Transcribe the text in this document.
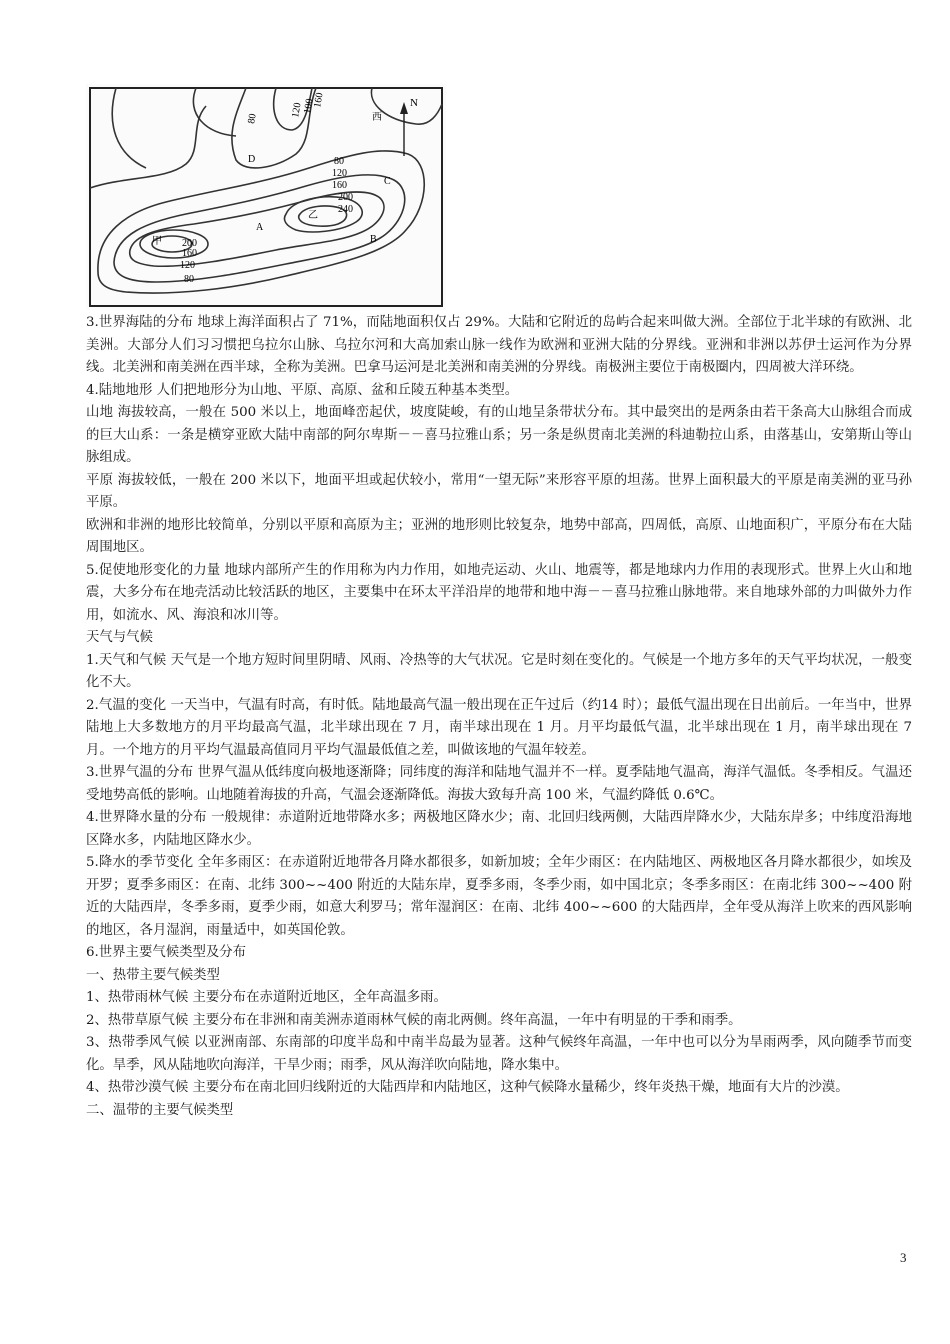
N
西
80
120
160
200
240
80
120
160
200
80
120
160
100
A
B
C
D
甲
乙

3.世界海陆的分布 地球上海洋面积占了 71%，而陆地面积仅占 29%。大陆和它附近的岛屿合起来叫做大洲。全部位于北半球的有欧洲、北美洲。大部分人们习习惯把乌拉尔山脉、乌拉尔河和大高加索山脉一线作为欧洲和亚洲大陆的分界线。亚洲和非洲以苏伊士运河作为分界线。北美洲和南美洲在西半球，全称为美洲。巴拿马运河是北美洲和南美洲的分界线。南极洲主要位于南极圈内，四周被大洋环绕。

4.陆地地形 人们把地形分为山地、平原、高原、盆和丘陵五种基本类型。

山地 海拔较高，一般在 500 米以上，地面峰峦起伏，坡度陡峻，有的山地呈条带状分布。其中最突出的是两条由若干条高大山脉组合而成的巨大山系：一条是横穿亚欧大陆中南部的阿尔卑斯－－喜马拉雅山系；另一条是纵贯南北美洲的科迪勒拉山系，由落基山，安第斯山等山脉组成。

平原 海拔较低，一般在 200 米以下，地面平坦或起伏较小，常用“一望无际”来形容平原的坦荡。世界上面积最大的平原是南美洲的亚马孙平原。

欧洲和非洲的地形比较简单，分别以平原和高原为主；亚洲的地形则比较复杂，地势中部高，四周低，高原、山地面积广，平原分布在大陆周围地区。

5.促使地形变化的力量 地球内部所产生的作用称为内力作用，如地壳运动、火山、地震等，都是地球内力作用的表现形式。世界上火山和地震，大多分布在地壳活动比较活跃的地区，主要集中在环太平洋沿岸的地带和地中海－－喜马拉雅山脉地带。来自地球外部的力叫做外力作用，如流水、风、海浪和冰川等。

天气与气候

1.天气和气候 天气是一个地方短时间里阴晴、风雨、冷热等的大气状况。它是时刻在变化的。气候是一个地方多年的天气平均状况，一般变化不大。

2.气温的变化 一天当中，气温有时高，有时低。陆地最高气温一般出现在正午过后（约14 时）；最低气温出现在日出前后。一年当中，世界陆地上大多数地方的月平均最高气温，北半球出现在 7 月，南半球出现在 1 月。月平均最低气温，北半球出现在 1 月，南半球出现在 7 月。一个地方的月平均气温最高值同月平均气温最低值之差，叫做该地的气温年较差。

3.世界气温的分布 世界气温从低纬度向极地逐渐降；同纬度的海洋和陆地气温并不一样。夏季陆地气温高，海洋气温低。冬季相反。气温还受地势高低的影响。山地随着海拔的升高，气温会逐渐降低。海拔大致每升高 100 米，气温约降低 0.6℃。

4.世界降水量的分布 一般规律：赤道附近地带降水多；两极地区降水少；南、北回归线两侧，大陆西岸降水少，大陆东岸多；中纬度沿海地区降水多，内陆地区降水少。

5.降水的季节变化 全年多雨区：在赤道附近地带各月降水都很多，如新加坡；全年少雨区：在内陆地区、两极地区各月降水都很少，如埃及开罗；夏季多雨区：在南、北纬 300~~400 附近的大陆东岸，夏季多雨，冬季少雨，如中国北京；冬季多雨区：在南北纬 300~~400 附近的大陆西岸，冬季多雨，夏季少雨，如意大利罗马；常年湿润区：在南、北纬 400~~600 的大陆西岸，全年受从海洋上吹来的西风影响的地区，各月湿润，雨量适中，如英国伦敦。

6.世界主要气候类型及分布

一、热带主要气候类型

1、热带雨林气候 主要分布在赤道附近地区，全年高温多雨。

2、热带草原气候 主要分布在非洲和南美洲赤道雨林气候的南北两侧。终年高温，一年中有明显的干季和雨季。

3、热带季风气候 以亚洲南部、东南部的印度半岛和中南半岛最为显著。这种气候终年高温，一年中也可以分为旱雨两季，风向随季节而变化。旱季，风从陆地吹向海洋，干旱少雨；雨季，风从海洋吹向陆地，降水集中。

4、热带沙漠气候 主要分布在南北回归线附近的大陆西岸和内陆地区，这种气候降水量稀少，终年炎热干燥，地面有大片的沙漠。

二、温带的主要气候类型

3
